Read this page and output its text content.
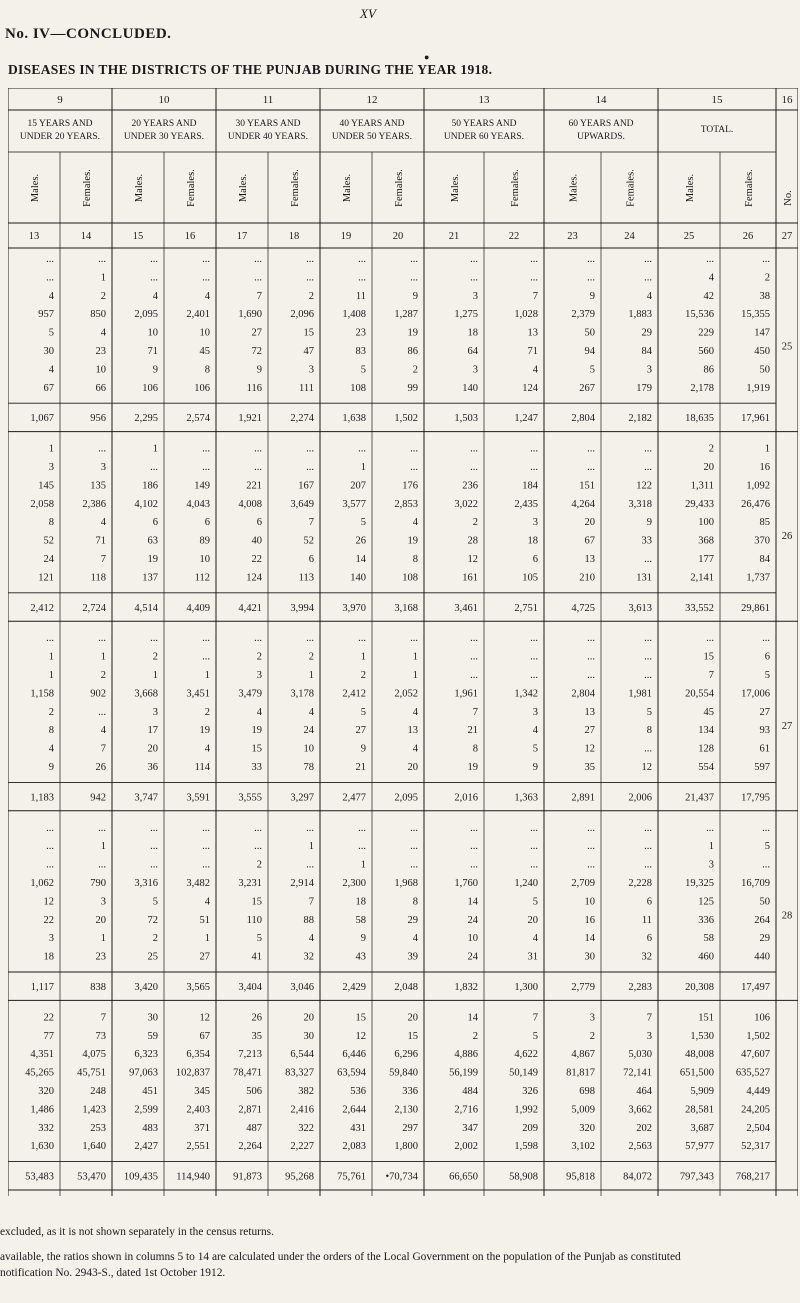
XV
No. IV—CONCLUDED.
●
DISEASES IN THE DISTRICTS OF THE PUNJAB DURING THE YEAR 1918.
9	10	11	12	13	14	15	16
15 YEARS AND
UNDER 20 YEARS.
20 YEARS AND
UNDER 30 YEARS.
30 YEARS AND
UNDER 40 YEARS.
40 YEARS AND
UNDER 50 YEARS.
50 YEARS AND
UNDER 60 YEARS.
60 YEARS AND
UPWARDS.
TOTAL.
Males.	Females.	Males.	Females.	Males.	Females.	Males.	Females.	Males.	Females.	Males.	Females.	Males.	Females.	No.
13	14	15	16	17	18	19	20	21	22	23	24	25	26	27
...	...	...	...	...	...	...	...	...	...	...	...	...	...
...	1	...	...	...	...	...	...	...	...	...	...	4	2
4	2	4	4	7	2	11	9	3	7	9	4	42	38
957	850	2,095	2,401	1,690	2,096	1,408	1,287	1,275	1,028	2,379	1,883	15,536	15,355
5	4	10	10	27	15	23	19	18	13	50	29	229	147
30	23	71	45	72	47	83	86	64	71	94	84	560	450
4	10	9	8	9	3	5	2	3	4	5	3	86	50
67	66	106	106	116	111	108	99	140	124	267	179	2,178	1,919
25
1,067	956	2,295	2,574	1,921	2,274	1,638	1,502	1,503	1,247	2,804	2,182	18,635	17,961
1	...	1	...	...	...	...	...	...	...	...	...	2	1
3	3	...	...	...	...	1	...	...	...	...	...	20	16
145	135	186	149	221	167	207	176	236	184	151	122	1,311	1,092
2,058	2,386	4,102	4,043	4,008	3,649	3,577	2,853	3,022	2,435	4,264	3,318	29,433	26,476
8	4	6	6	6	7	5	4	2	3	20	9	100	85
52	71	63	89	40	52	26	19	28	18	67	33	368	370
24	7	19	10	22	6	14	8	12	6	13	...	177	84
121	118	137	112	124	113	140	108	161	105	210	131	2,141	1,737
26
2,412	2,724	4,514	4,409	4,421	3,994	3,970	3,168	3,461	2,751	4,725	3,613	33,552	29,861
...	...	...	...	...	...	...	...	...	...	...	...	...	...
1	1	2	...	2	2	1	1	...	...	...	...	15	6
1	2	1	1	3	1	2	1	...	...	...	...	7	5
1,158	902	3,668	3,451	3,479	3,178	2,412	2,052	1,961	1,342	2,804	1,981	20,554	17,006
2	...	3	2	4	4	5	4	7	3	13	5	45	27
8	4	17	19	19	24	27	13	21	4	27	8	134	93
4	7	20	4	15	10	9	4	8	5	12	...	128	61
9	26	36	114	33	78	21	20	19	9	35	12	554	597
27
1,183	942	3,747	3,591	3,555	3,297	2,477	2,095	2,016	1,363	2,891	2,006	21,437	17,795
...	...	...	...	...	...	...	...	...	...	...	...	...	...
...	1	...	...	...	1	...	...	...	...	...	...	1	5
...	...	...	...	2	...	1	...	...	...	...	...	3	...
1,062	790	3,316	3,482	3,231	2,914	2,300	1,968	1,760	1,240	2,709	2,228	19,325	16,709
12	3	5	4	15	7	18	8	14	5	10	6	125	50
22	20	72	51	110	88	58	29	24	20	16	11	336	264
3	1	2	1	5	4	9	4	10	4	14	6	58	29
18	23	25	27	41	32	43	39	24	31	30	32	460	440
28
1,117	838	3,420	3,565	3,404	3,046	2,429	2,048	1,832	1,300	2,779	2,283	20,308	17,497
22	7	30	12	26	20	15	20	14	7	3	7	151	106
77	73	59	67	35	30	12	15	2	5	2	3	1,530	1,502
4,351	4,075	6,323	6,354	7,213	6,544	6,446	6,296	4,886	4,622	4,867	5,030	48,008	47,607
45,265 45,751 97,063 102,837 78,471 83,327 63,594 59,840	56,199	50,149	81,817	72,141	651,500 635,527
320	248	451	345	506	382	536	336	484	326	698	464	5,909	4,449
1,486	1,423	2,599	2,403	2,871	2,416	2,644	2,130	2,716	1,992	5,009	3,662	28,581	24,205
332	253	483	371	487	322	431	297	347	209	320	202	3,687	2,504
1,630	1,640	2,427	2,551	2,264	2,227	2,083	1,800	2,002	1,598	3,102	2,563	57,977	52,317
53,483 53,470 109,435 114,940 91,873 95,268 75,761 •70,734	66,650	58,908	95,818	84,072	797,343 768,217
excluded, as it is not shown separately in the census returns.
available, the ratios shown in columns 5 to 14 are calculated under the orders of the Local Government on the population of the Punjab as constituted
notification No. 2943-S., dated 1st October 1912.
